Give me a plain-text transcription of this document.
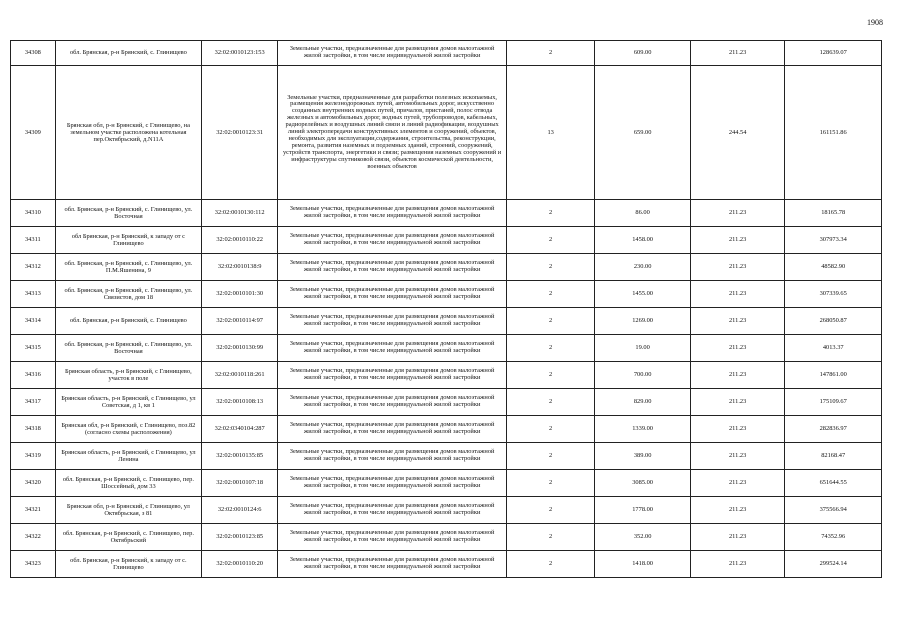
1908
34308	обл. Брянская, р-н Брянский, с. Глинищево	32:02:0010123:153	Земельные участки, предназначенные для размещения домов малоэтажной жилой застройки, в том числе индивидуальной жилой застройки	2	609.00	211.23	128639.07
34309	Брянская обл, р-н Брянский, с Глинищево, на земельном участке расположена котельная пер.Октябрьский, д.N11А	32:02:0010123:31	Земельные участки, предназначенные для разработки полезных ископаемых, размещения железнодорожных путей, автомобильных дорог, искусственно созданных внутренних водных путей, причалов, пристаней, полос отвода железных и автомобильных дорог, водных путей, трубопроводов, кабельных, радиорелейных и воздушных линий связи и линий радиофикации, воздушных линий электропередачи конструктивных элементов и сооружений, объектов, необходимых для эксплуатации,содержания, строительства, реконструкции, ремонта, развития наземных и подземных зданий, строений, сооружений, устройств транспорта, энергетики и связи; размещения наземных сооружений и инфраструктуры спутниковой связи, объектов космической деятельности, военных объектов	13	659.00	244.54	161151.86
34310	обл. Брянская, р-н Брянский, с. Глинищево, ул. Восточная	32:02:0010130:112	Земельные участки, предназначенные для размещения домов малоэтажной жилой застройки, в том числе индивидуальной жилой застройки	2	86.00	211.23	18165.78
34311	обл Брянская, р-н Брянский, к западу от с Глинищево	32:02:0010110:22	Земельные участки, предназначенные для размещения домов малоэтажной жилой застройки, в том числе индивидуальной жилой застройки	2	1458.00	211.23	307973.34
34312	обл. Брянская, р-н Брянский, с. Глинищево, ул. П.М.Яшенина, 9	32:02:0010138:9	Земельные участки, предназначенные для размещения домов малоэтажной жилой застройки, в том числе индивидуальной жилой застройки	2	230.00	211.23	48582.90
34313	обл. Брянская, р-н Брянский, с. Глинищево, ул. Связистов, дом 18	32:02:0010101:30	Земельные участки, предназначенные для размещения домов малоэтажной жилой застройки, в том числе индивидуальной жилой застройки	2	1455.00	211.23	307339.65
34314	обл. Брянская, р-н Брянский, с. Глинищево	32:02:0010114:97	Земельные участки, предназначенные для размещения домов малоэтажной жилой застройки, в том числе индивидуальной жилой застройки	2	1269.00	211.23	268050.87
34315	обл. Брянская, р-н Брянский, с. Глинищево, ул. Восточная	32:02:0010130:99	Земельные участки, предназначенные для размещения домов малоэтажной жилой застройки, в том числе индивидуальной жилой застройки	2	19.00	211.23	4013.37
34316	Брянская область, р-н Брянский, с Глинищево, участок в поле	32:02:0010118:261	Земельные участки, предназначенные для размещения домов малоэтажной жилой застройки, в том числе индивидуальной жилой застройки	2	700.00	211.23	147861.00
34317	Брянская область, р-н Брянский, с Глинищево, ул Советская, д 1, кв 1	32:02:0010108:13	Земельные участки, предназначенные для размещения домов малоэтажной жилой застройки, в том числе индивидуальной жилой застройки	2	829.00	211.23	175109.67
34318	Брянская обл, р-н Брянский, с Глинищево, поз.82 (согласно схемы расположения)	32:02:0340104:287	Земельные участки, предназначенные для размещения домов малоэтажной жилой застройки, в том числе индивидуальной жилой застройки	2	1339.00	211.23	282836.97
34319	Брянская область, р-н Брянский, с Глинищево, ул Ленина	32:02:0010135:85	Земельные участки, предназначенные для размещения домов малоэтажной жилой застройки, в том числе индивидуальной жилой застройки	2	389.00	211.23	82168.47
34320	обл. Брянская, р-н Брянский, с. Глинищево, пер. Шоссейный, дом 33	32:02:0010107:18	Земельные участки, предназначенные для размещения домов малоэтажной жилой застройки, в том числе индивидуальной жилой застройки	2	3085.00	211.23	651644.55
34321	Брянская обл, р-н Брянский, с Глинищево, ул Октябрьская, з 81	32:02:0010124:6	Земельные участки, предназначенные для размещения домов малоэтажной жилой застройки, в том числе индивидуальной жилой застройки	2	1778.00	211.23	375566.94
34322	обл. Брянская, р-н Брянский, с. Глинищево, пер. Октябрьский	32:02:0010123:85	Земельные участки, предназначенные для размещения домов малоэтажной жилой застройки, в том числе индивидуальной жилой застройки	2	352.00	211.23	74352.96
34323	обл. Брянская, р-н Брянский, к западу от с. Глинищево	32:02:0010110:20	Земельные участки, предназначенные для размещения домов малоэтажной жилой застройки, в том числе индивидуальной жилой застройки	2	1418.00	211.23	299524.14
